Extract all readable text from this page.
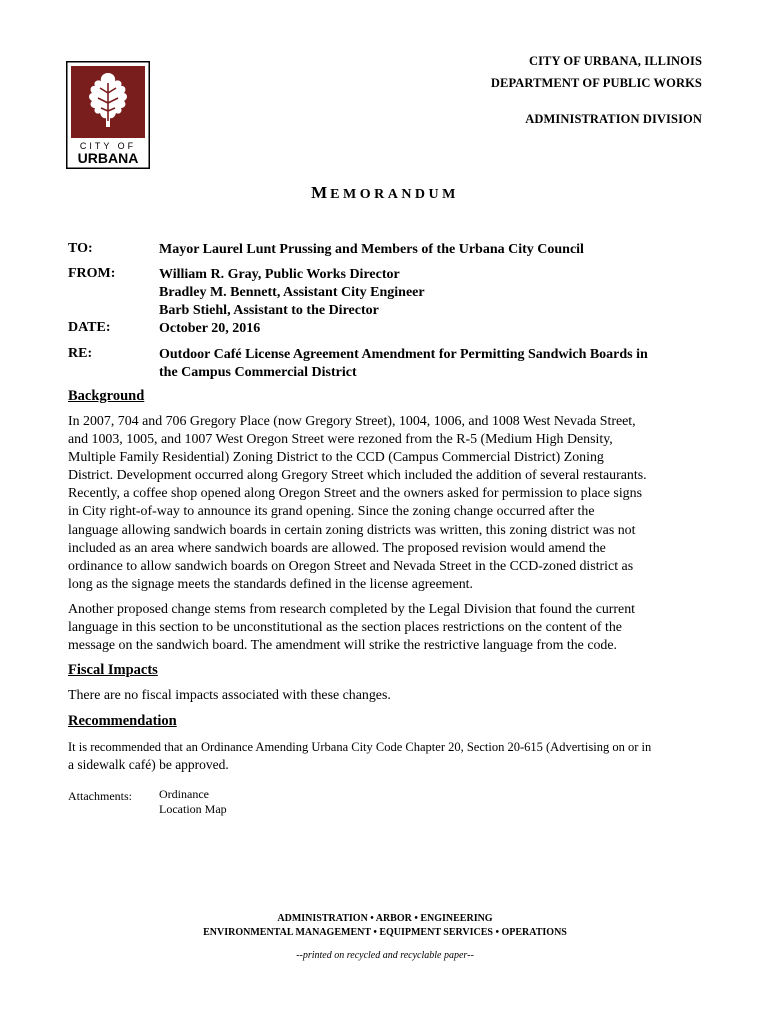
CITY OF
URBANA
CITY OF URBANA, ILLINOIS
DEPARTMENT OF PUBLIC WORKS
ADMINISTRATION DIVISION
MEMORANDUM
TO:	Mayor Laurel Lunt Prussing and Members of the Urbana City Council
FROM:	William R. Gray, Public Works Director
Bradley M. Bennett, Assistant City Engineer
Barb Stiehl, Assistant to the Director
DATE:	October 20, 2016
RE:	Outdoor Café License Agreement Amendment for Permitting Sandwich Boards in
the Campus Commercial District
Background
In 2007, 704 and 706 Gregory Place (now Gregory Street), 1004, 1006, and 1008 West Nevada Street,
and 1003, 1005, and 1007 West Oregon Street were rezoned from the R-5 (Medium High Density,
Multiple Family Residential) Zoning District to the CCD (Campus Commercial District) Zoning
District. Development occurred along Gregory Street which included the addition of several restaurants.
Recently, a coffee shop opened along Oregon Street and the owners asked for permission to place signs
in City right-of-way to announce its grand opening. Since the zoning change occurred after the
language allowing sandwich boards in certain zoning districts was written, this zoning district was not
included as an area where sandwich boards are allowed. The proposed revision would amend the
ordinance to allow sandwich boards on Oregon Street and Nevada Street in the CCD-zoned district as
long as the signage meets the standards defined in the license agreement.
Another proposed change stems from research completed by the Legal Division that found the current
language in this section to be unconstitutional as the section places restrictions on the content of the
message on the sandwich board. The amendment will strike the restrictive language from the code.
Fiscal Impacts
There are no fiscal impacts associated with these changes.
Recommendation
It is recommended that an Ordinance Amending Urbana City Code Chapter 20, Section 20-615 (Advertising on or in
a sidewalk café) be approved.
Attachments: Ordinance
Location Map
ADMINISTRATION • ARBOR • ENGINEERING
ENVIRONMENTAL MANAGEMENT • EQUIPMENT SERVICES • OPERATIONS
--printed on recycled and recyclable paper--
